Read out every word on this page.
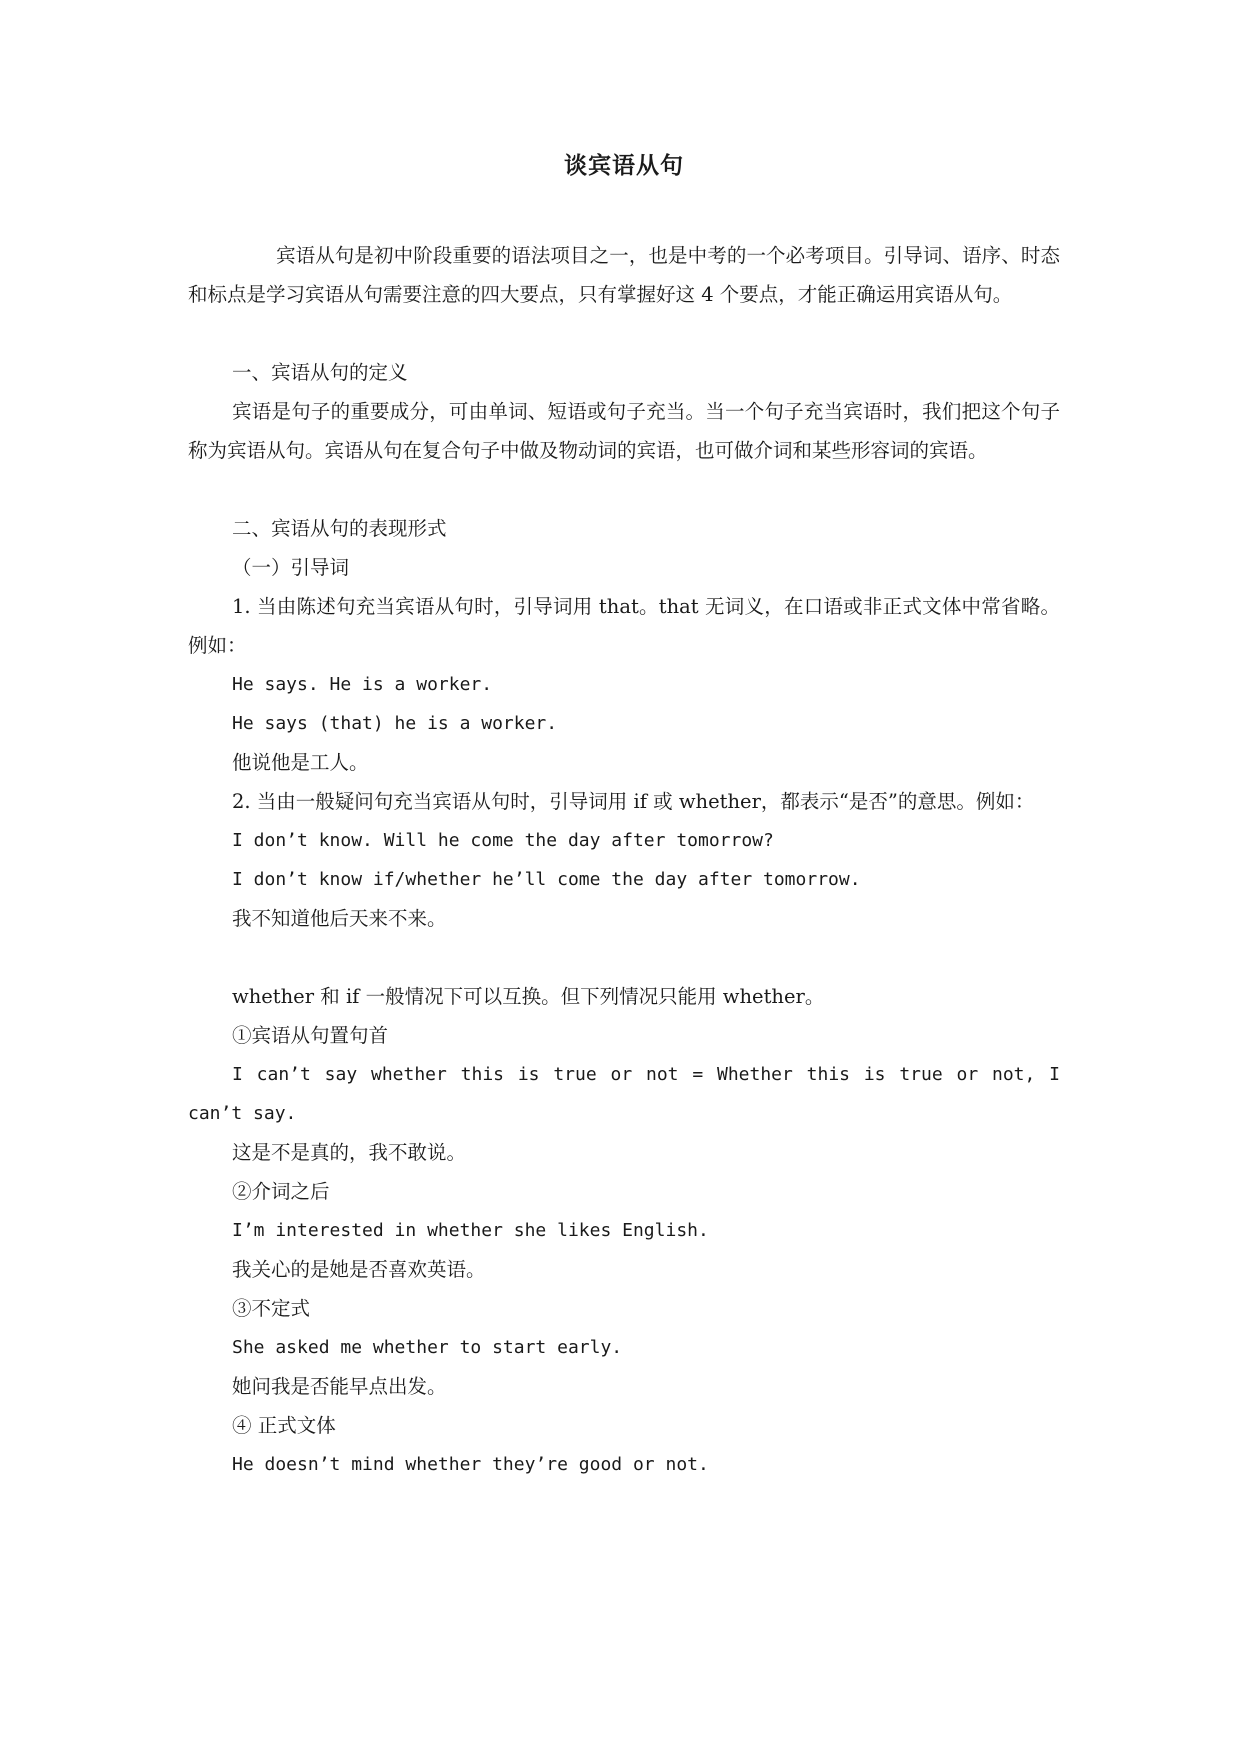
谈宾语从句

宾语从句是初中阶段重要的语法项目之一，也是中考的一个必考项目。引导词、语序、时态和标点是学习宾语从句需要注意的四大要点，只有掌握好这 4 个要点，才能正确运用宾语从句。

一、宾语从句的定义

宾语是句子的重要成分，可由单词、短语或句子充当。当一个句子充当宾语时，我们把这个句子称为宾语从句。宾语从句在复合句子中做及物动词的宾语，也可做介词和某些形容词的宾语。

二、宾语从句的表现形式

（一）引导词

1. 当由陈述句充当宾语从句时，引导词用 that。that 无词义，在口语或非正式文体中常省略。例如：

He says. He is a worker.

He says (that) he is a worker.

他说他是工人。

2. 当由一般疑问句充当宾语从句时，引导词用 if 或 whether，都表示“是否”的意思。例如：

I don’t know. Will he come the day after tomorrow?

I don’t know if/whether he’ll come the day after tomorrow.

我不知道他后天来不来。

whether 和 if 一般情况下可以互换。但下列情况只能用 whether。

①宾语从句置句首

I can’t say whether this is true or not = Whether this is true or not, I can’t say.

这是不是真的，我不敢说。

②介词之后

I’m interested in whether she likes English.

我关心的是她是否喜欢英语。

③不定式

She asked me whether to start early.

她问我是否能早点出发。

④ 正式文体

He doesn’t mind whether they’re good or not.
